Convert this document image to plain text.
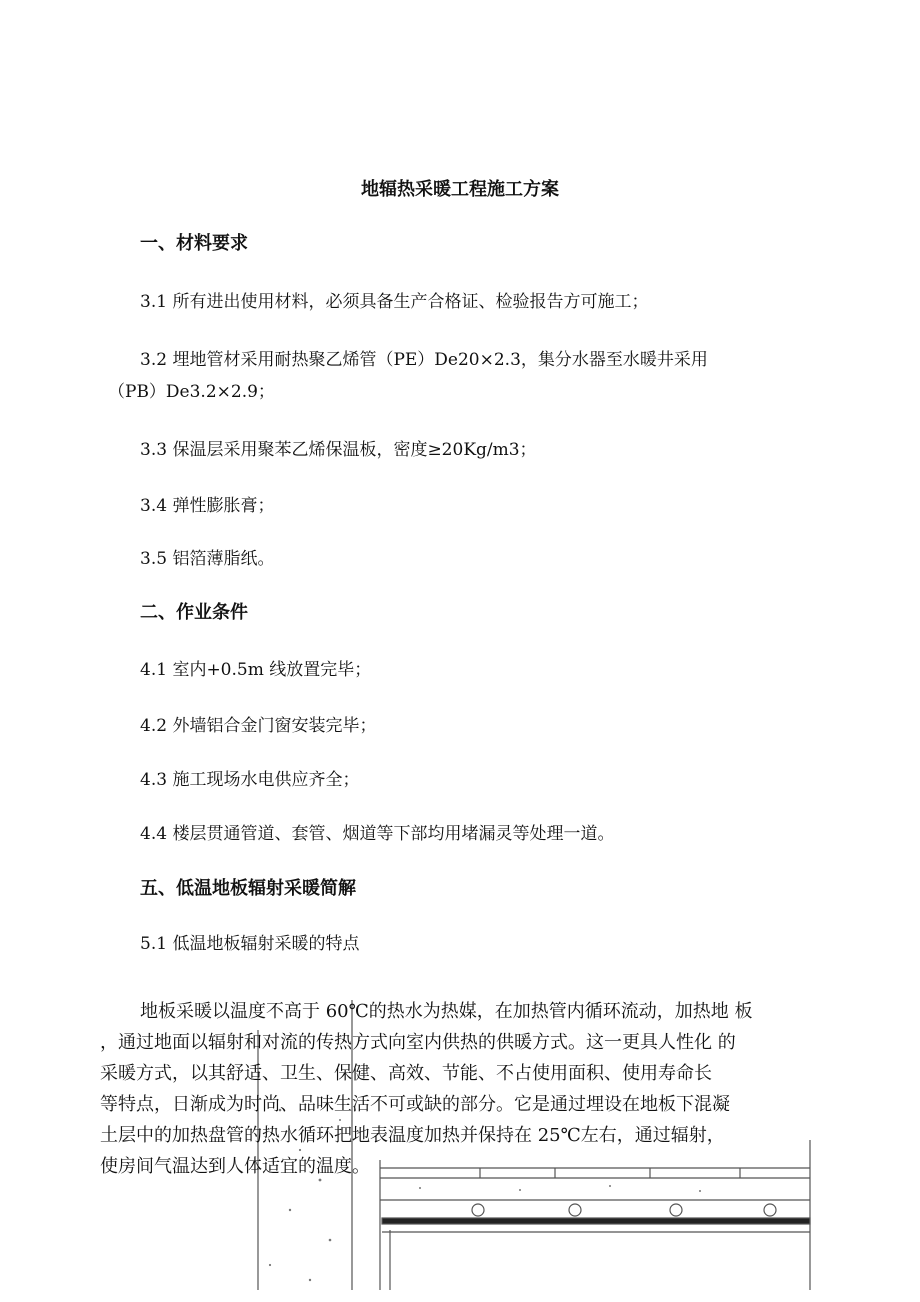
地辐热采暖工程施工方案
一、材料要求
3.1 所有进出使用材料，必须具备生产合格证、检验报告方可施工；
3.2 埋地管材采用耐热聚乙烯管（PE）De20×2.3，集分水器至水暖井采用
（PB）De3.2×2.9；
3.3 保温层采用聚苯乙烯保温板，密度≥20Kg/m3；
3.4 弹性膨胀膏；
3.5 铝箔薄脂纸。
二、作业条件
4.1 室内+0.5m 线放置完毕；
4.2 外墙铝合金门窗安装完毕；
4.3 施工现场水电供应齐全；
4.4 楼层贯通管道、套管、烟道等下部均用堵漏灵等处理一道。
五、低温地板辐射采暖简解
5.1 低温地板辐射采暖的特点
地板采暖以温度不高于 60℃的热水为热媒，在加热管内循环流动，加热地 板
，通过地面以辐射和对流的传热方式向室内供热的供暖方式。这一更具人性化 的
采暖方式，以其舒适、卫生、保健、高效、节能、不占使用面积、使用寿命长
等特点，日渐成为时尚、品味生活不可或缺的部分。它是通过埋设在地板下混凝
土层中的加热盘管的热水循环把地表温度加热并保持在 25℃左右，通过辐射，
使房间气温达到人体适宜的温度。
